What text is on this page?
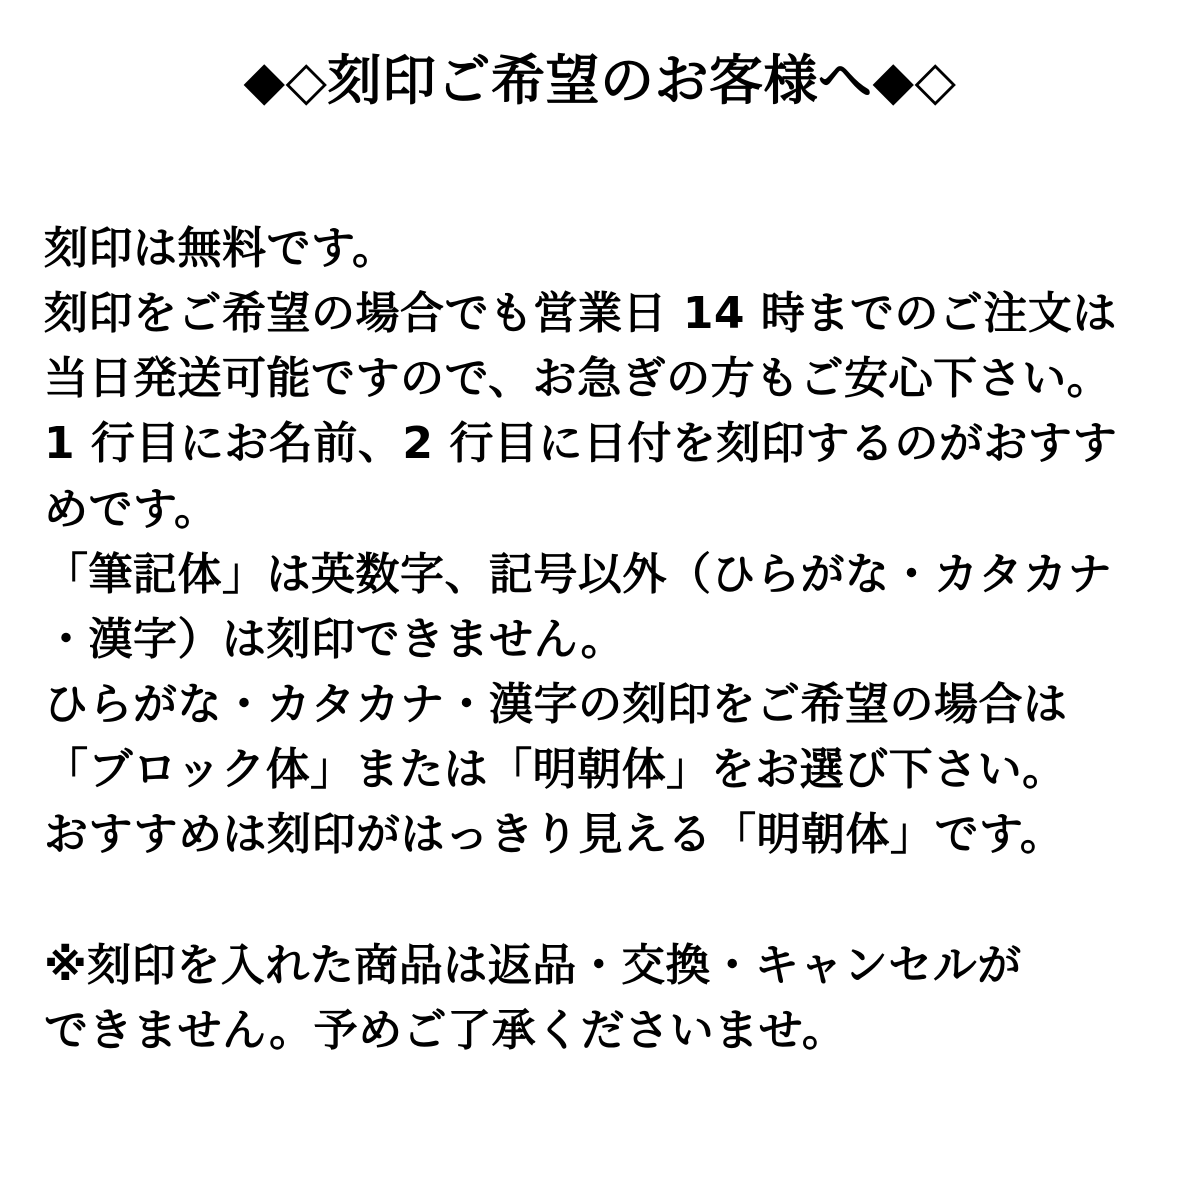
◆◇刻印ご希望のお客様へ◆◇

刻印は無料です。
刻印をご希望の場合でも営業日 14 時までのご注文は
当日発送可能ですので、お急ぎの方もご安心下さい。
1 行目にお名前、2 行目に日付を刻印するのがおすす
めです。
「筆記体」は英数字、記号以外（ひらがな・カタカナ
・漢字）は刻印できません。
ひらがな・カタカナ・漢字の刻印をご希望の場合は
「ブロック体」または「明朝体」をお選び下さい。
おすすめは刻印がはっきり見える「明朝体」です。

※刻印を入れた商品は返品・交換・キャンセルが
できません。予めご了承くださいませ。
